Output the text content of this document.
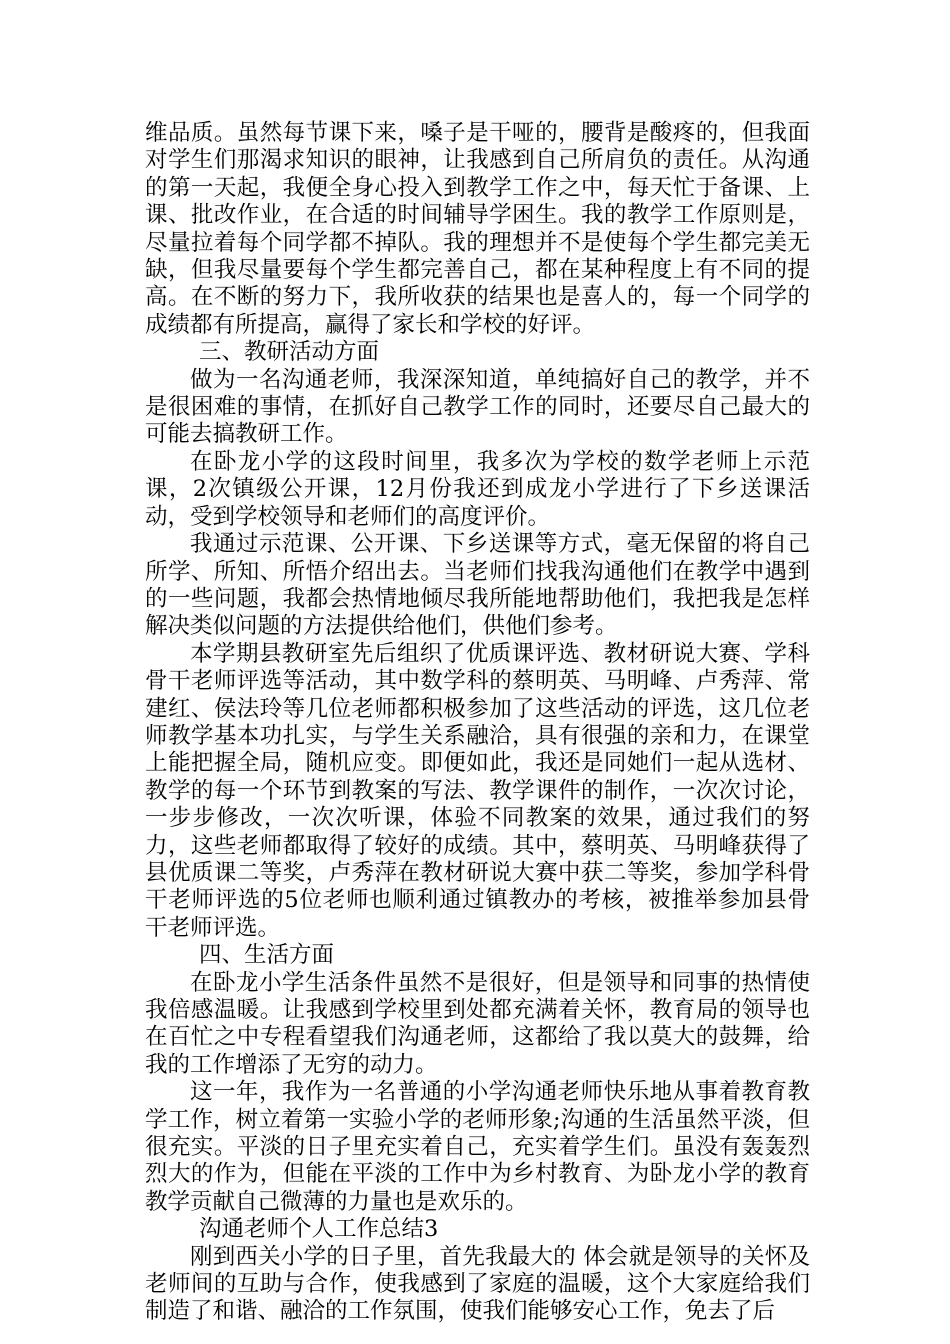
维品质。虽然每节课下来，嗓子是干哑的，腰背是酸疼的，但我面对学生们那渴求知识的眼神，让我感到自己所肩负的责任。从沟通的第一天起，我便全身心投入到教学工作之中，每天忙于备课、上课、批改作业，在合适的时间辅导学困生。我的教学工作原则是，尽量拉着每个同学都不掉队。我的理想并不是使每个学生都完美无缺，但我尽量要每个学生都完善自己，都在某种程度上有不同的提高。在不断的努力下，我所收获的结果也是喜人的，每一个同学的成绩都有所提高，赢得了家长和学校的好评。

三、教研活动方面

做为一名沟通老师，我深深知道，单纯搞好自己的教学，并不是很困难的事情，在抓好自己教学工作的同时，还要尽自己最大的可能去搞教研工作。

在卧龙小学的这段时间里，我多次为学校的数学老师上示范课，2次镇级公开课，12月份我还到成龙小学进行了下乡送课活动，受到学校领导和老师们的高度评价。

我通过示范课、公开课、下乡送课等方式，毫无保留的将自己所学、所知、所悟介绍出去。当老师们找我沟通他们在教学中遇到的一些问题，我都会热情地倾尽我所能地帮助他们，我把我是怎样解决类似问题的方法提供给他们，供他们参考。

本学期县教研室先后组织了优质课评选、教材研说大赛、学科骨干老师评选等活动，其中数学科的蔡明英、马明峰、卢秀萍、常建红、侯法玲等几位老师都积极参加了这些活动的评选，这几位老师教学基本功扎实，与学生关系融洽，具有很强的亲和力，在课堂上能把握全局，随机应变。即便如此，我还是同她们一起从选材、教学的每一个环节到教案的写法、教学课件的制作，一次次讨论，一步步修改，一次次听课，体验不同教案的效果，通过我们的努力，这些老师都取得了较好的成绩。其中，蔡明英、马明峰获得了县优质课二等奖，卢秀萍在教材研说大赛中获二等奖，参加学科骨干老师评选的5位老师也顺利通过镇教办的考核，被推举参加县骨干老师评选。

四、生活方面

在卧龙小学生活条件虽然不是很好，但是领导和同事的热情使我倍感温暖。让我感到学校里到处都充满着关怀，教育局的领导也在百忙之中专程看望我们沟通老师，这都给了我以莫大的鼓舞，给我的工作增添了无穷的动力。

这一年，我作为一名普通的小学沟通老师快乐地从事着教育教学工作，树立着第一实验小学的老师形象;沟通的生活虽然平淡，但很充实。平淡的日子里充实着自己，充实着学生们。虽没有轰轰烈烈大的作为，但能在平淡的工作中为乡村教育、为卧龙小学的教育教学贡献自己微薄的力量也是欢乐的。

沟通老师个人工作总结3

刚到西关小学的日子里，首先我最大的 体会就是领导的关怀及老师间的互助与合作，使我感到了家庭的温暖，这个大家庭给我们制造了和谐、融洽的工作氛围，使我们能够安心工作，免去了后
